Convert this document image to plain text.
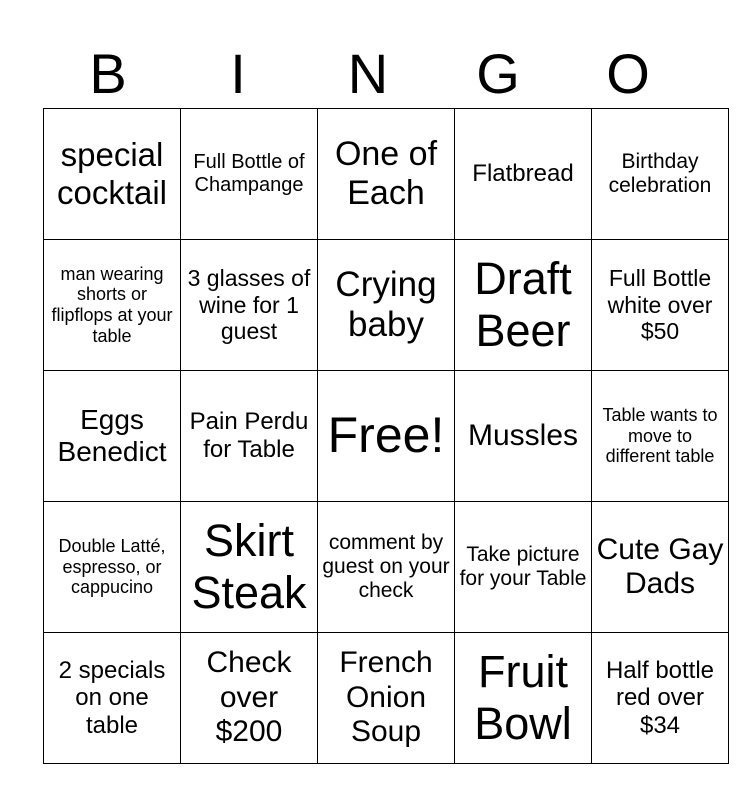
B	I	N	G	O
special cocktail	Full Bottle of Champange	One of Each	Flatbread	Birthday celebration
man wearing shorts or flipflops at your table	3 glasses of wine for 1 guest	Crying baby	Draft Beer	Full Bottle white over $50
Eggs Benedict	Pain Perdu for Table	Free!	Mussles	Table wants to move to different table
Double Latté, espresso, or cappucino	Skirt Steak	comment by guest on your check	Take picture for your Table	Cute Gay Dads
2 specials on one table	Check over $200	French Onion Soup	Fruit Bowl	Half bottle red over $34
